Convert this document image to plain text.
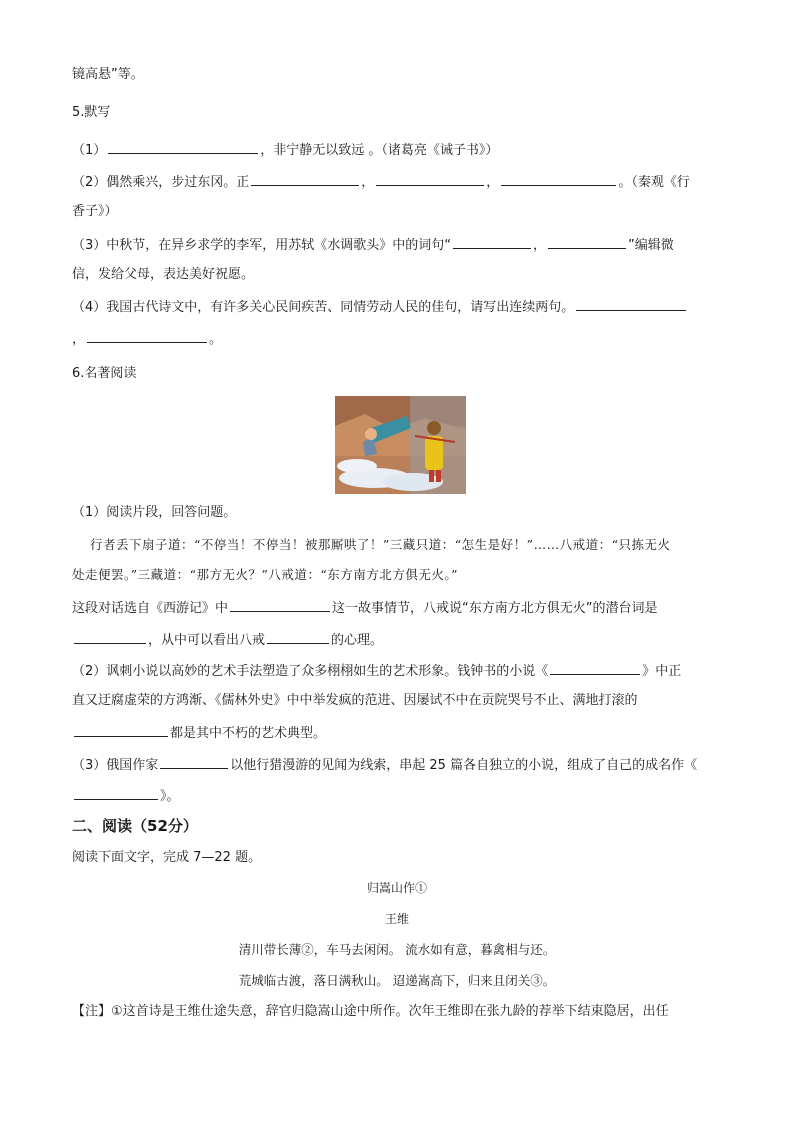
镜高悬”等。
5.默写
（1）	，非宁静无以致远 。（诸葛亮《诫子书》）
（2）偶然乘兴，步过东冈。正	，	，	。（秦观《行
香子》）
（3）中秋节，在异乡求学的李军，用苏轼《水调歌头》中的词句“	，	”编辑微
信，发给父母，表达美好祝愿。
（4）我国古代诗文中，有许多关心民间疾苦、同情劳动人民的佳句，请写出连续两句。
，	。
6.名著阅读
（1）阅读片段，回答问题。
行者丢下扇子道：“不停当！不停当！被那厮哄了！”三藏只道：“怎生是好！”……八戒道：“只拣无火
处走便罢。”三藏道：“那方无火？”八戒道：“东方南方北方俱无火。”
这段对话选自《西游记》中	这一故事情节，八戒说“东方南方北方俱无火”的潜台词是
，从中可以看出八戒	的心理。
（2）讽刺小说以高妙的艺术手法塑造了众多栩栩如生的艺术形象。钱钟书的小说《	》中正
直又迂腐虚荣的方鸿渐、《儒林外史》中中举发疯的范进、因屡试不中在贡院哭号不止、满地打滚的
都是其中不朽的艺术典型。
（3）俄国作家	以他行猎漫游的见闻为线索，串起 25 篇各自独立的小说，组成了自己的成名作《
》。
二、阅读（52分）
阅读下面文字，完成 7—22 题。
归嵩山作①
王维
清川带长薄②，车马去闲闲。 流水如有意，暮禽相与还。
荒城临古渡，落日满秋山。 迢递嵩高下，归来且闭关③。
【注】①这首诗是王维仕途失意，辞官归隐嵩山途中所作。次年王维即在张九龄的荐举下结束隐居，出任
